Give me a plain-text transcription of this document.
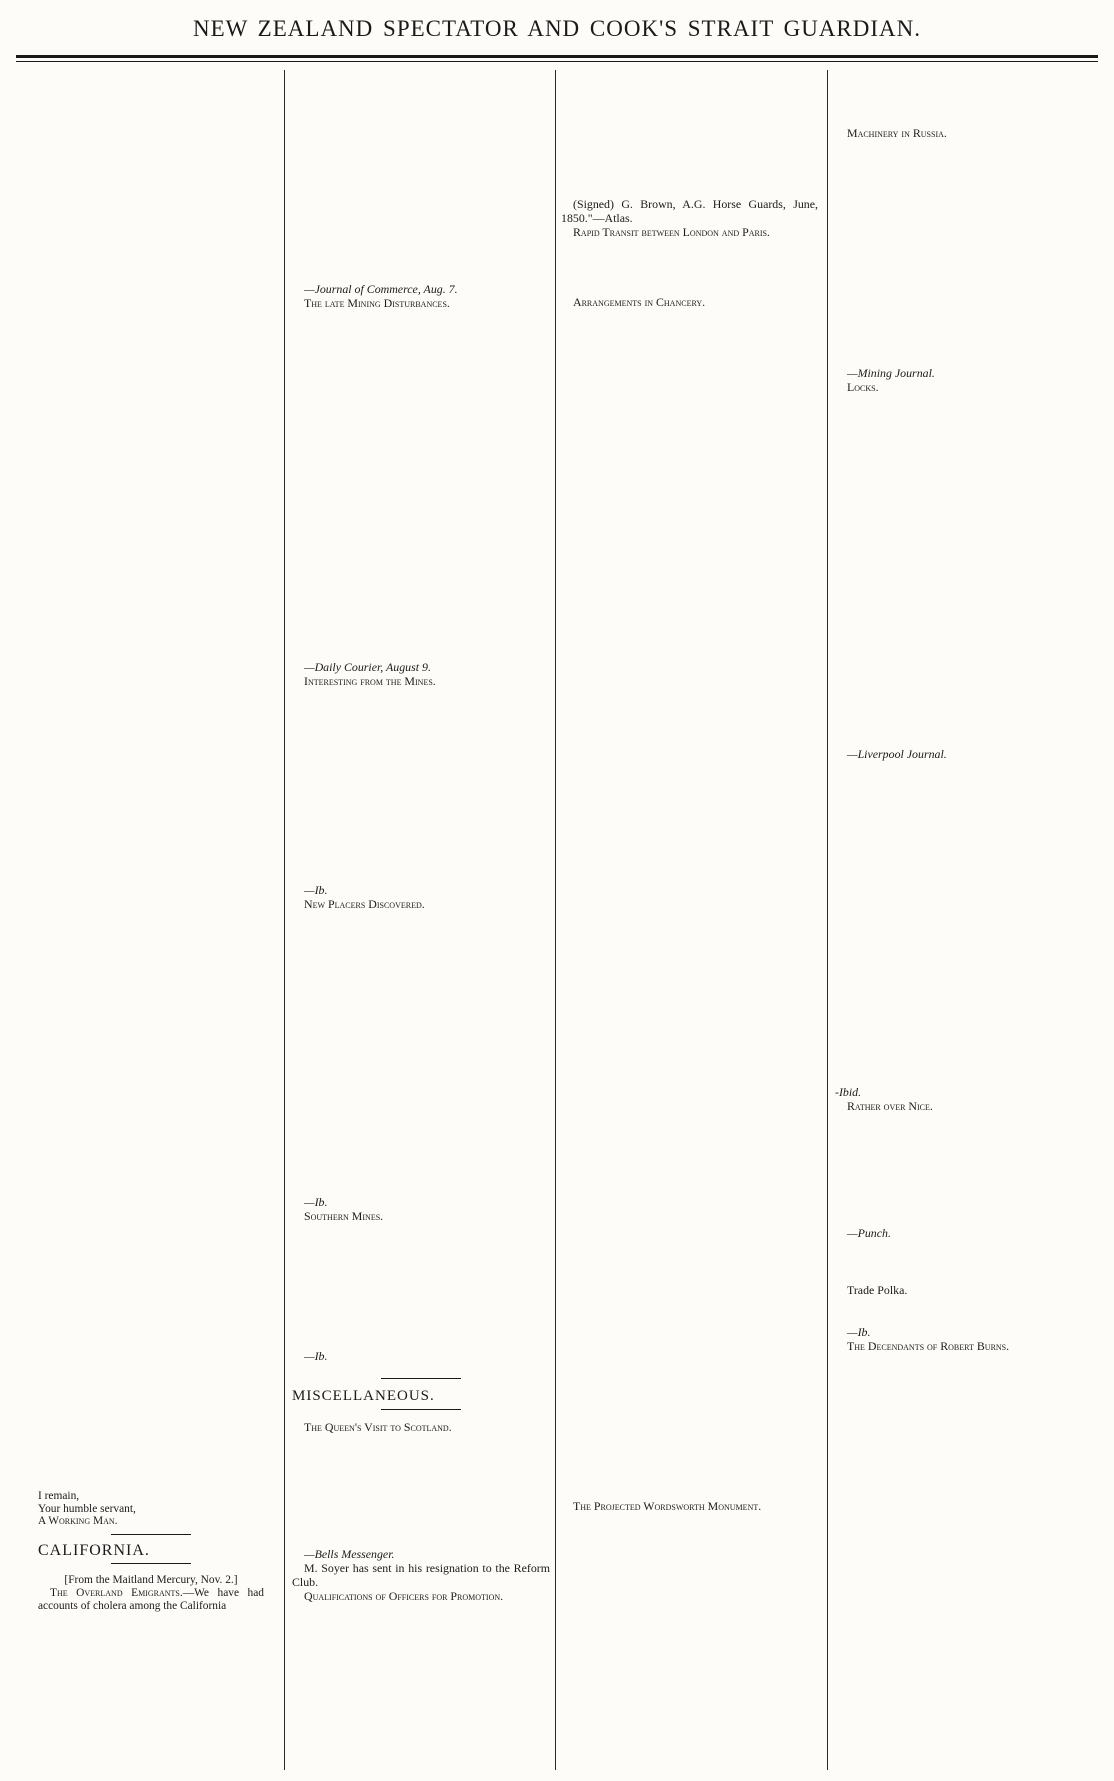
NEW ZEALAND SPECTATOR AND COOK'S STRAIT GUARDIAN.

I remain,

Your humble servant,

A Working Man.

CALIFORNIA.

[From the Maitland Mercury, Nov. 2.]

The Overland Emigrants.—We have had accounts of cholera among the California

—Journal of Commerce, Aug. 7.

The late Mining Disturbances.

—Daily Courier, August 9.

Interesting from the Mines.

—Ib.

New Placers Discovered.

—Ib.

Southern Mines.

—Ib.

MISCELLANEOUS.

The Queen's Visit to Scotland.

—Bells Messenger.

M. Soyer has sent in his resignation to the Reform Club.

Qualifications of Officers for Promotion.

(Signed) G. Brown, A.G. Horse Guards, June, 1850."—Atlas.

Rapid Transit between London and Paris.

Arrangements in Chancery.

The Projected Wordsworth Monument.

Machinery in Russia.

—Mining Journal.

Locks.

—Liverpool Journal.

-Ibid.

Rather over Nice.

—Punch.

Trade Polka.

—Ib.

The Decendants of Robert Burns.
